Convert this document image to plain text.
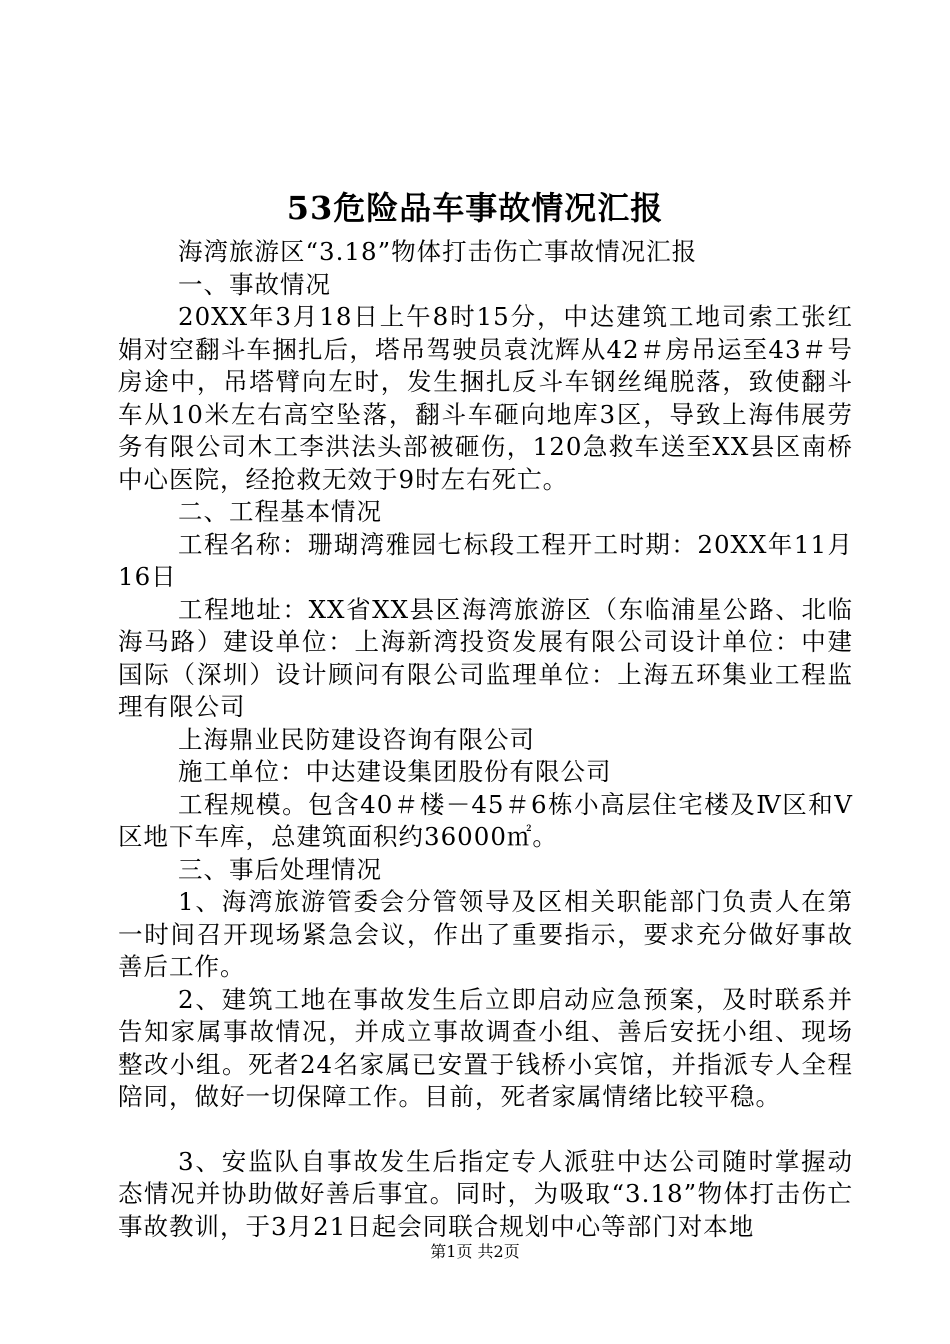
53危险品车事故情况汇报

海湾旅游区“3.18”物体打击伤亡事故情况汇报

一、事故情况

20XX年3月18日上午8时15分，中达建筑工地司索工张红娟对空翻斗车捆扎后，塔吊驾驶员袁沈辉从42＃房吊运至43＃号房途中，吊塔臂向左时，发生捆扎反斗车钢丝绳脱落，致使翻斗车从10米左右高空坠落，翻斗车砸向地库3区，导致上海伟展劳务有限公司木工李洪法头部被砸伤，120急救车送至XX县区南桥中心医院，经抢救无效于9时左右死亡。

二、工程基本情况

工程名称：珊瑚湾雅园七标段工程开工时期：20XX年11月16日

工程地址：XX省XX县区海湾旅游区（东临浦星公路、北临海马路）建设单位：上海新湾投资发展有限公司设计单位：中建国际（深圳）设计顾问有限公司监理单位：上海五环集业工程监理有限公司

上海鼎业民防建设咨询有限公司

施工单位：中达建设集团股份有限公司

工程规模。包含40＃楼－45＃6栋小高层住宅楼及Ⅳ区和Ⅴ区地下车库，总建筑面积约36000㎡。

三、事后处理情况

1、海湾旅游管委会分管领导及区相关职能部门负责人在第一时间召开现场紧急会议，作出了重要指示，要求充分做好事故善后工作。

2、建筑工地在事故发生后立即启动应急预案，及时联系并告知家属事故情况，并成立事故调查小组、善后安抚小组、现场整改小组。死者24名家属已安置于钱桥小宾馆，并指派专人全程陪同，做好一切保障工作。目前，死者家属情绪比较平稳。

3、安监队自事故发生后指定专人派驻中达公司随时掌握动态情况并协助做好善后事宜。同时，为吸取“3.18”物体打击伤亡事故教训，于3月21日起会同联合规划中心等部门对本地

第1页 共2页
